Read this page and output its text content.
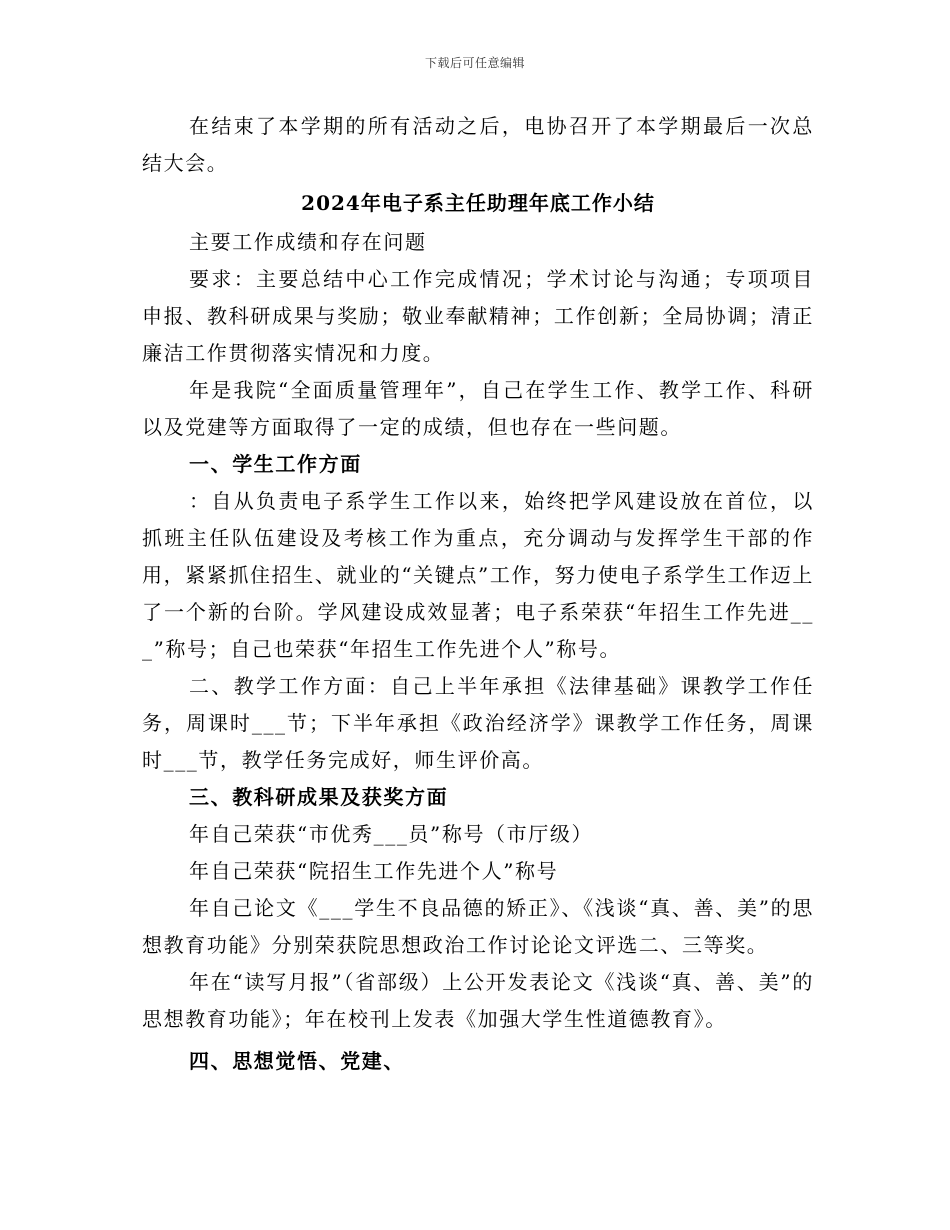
下载后可任意编辑

在结束了本学期的所有活动之后，电协召开了本学期最后一次总结大会。

2024年电子系主任助理年底工作小结

主要工作成绩和存在问题

要求：主要总结中心工作完成情况；学术讨论与沟通；专项项目申报、教科研成果与奖励；敬业奉献精神；工作创新；全局协调；清正廉洁工作贯彻落实情况和力度。

年是我院“全面质量管理年”，自己在学生工作、教学工作、科研以及党建等方面取得了一定的成绩，但也存在一些问题。

一、学生工作方面

：自从负责电子系学生工作以来，始终把学风建设放在首位，以抓班主任队伍建设及考核工作为重点，充分调动与发挥学生干部的作用，紧紧抓住招生、就业的“关键点”工作，努力使电子系学生工作迈上了一个新的台阶。学风建设成效显著；电子系荣获“年招生工作先进___”称号；自己也荣获“年招生工作先进个人”称号。

二、教学工作方面：自己上半年承担《法律基础》课教学工作任务，周课时___节；下半年承担《政治经济学》课教学工作任务，周课时___节，教学任务完成好，师生评价高。

三、教科研成果及获奖方面

年自己荣获“市优秀___员”称号（市厅级）

年自己荣获“院招生工作先进个人”称号

年自己论文《___学生不良品德的矫正》、《浅谈“真、善、美”的思想教育功能》分别荣获院思想政治工作讨论论文评选二、三等奖。

年在“读写月报”（省部级）上公开发表论文《浅谈“真、善、美”的思想教育功能》；年在校刊上发表《加强大学生性道德教育》。

四、思想觉悟、党建、
